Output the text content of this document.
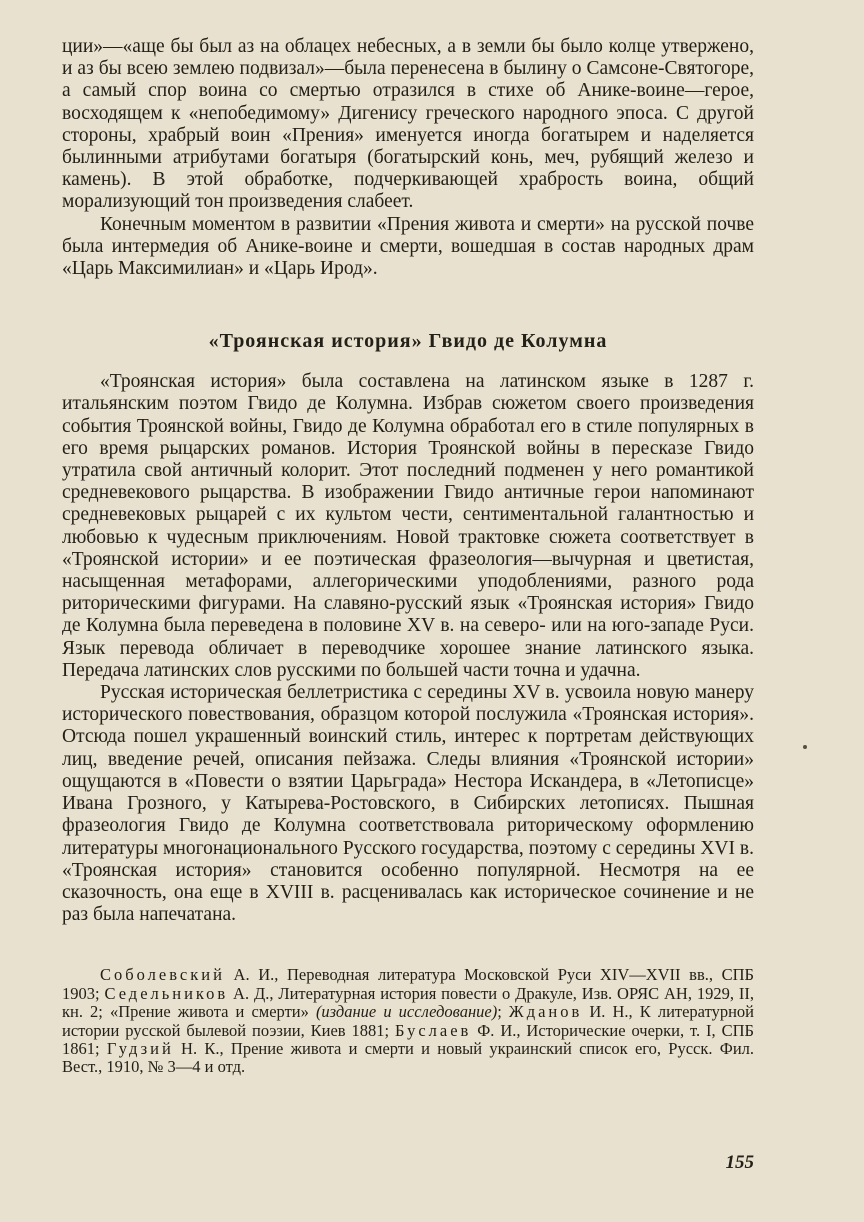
ции»—«аще бы был аз на облацех небесных, а в земли бы было колце утвержено, и аз бы всею землею подвизал»—была перенесена в былину о Самсоне-Святогоре, а самый спор воина со смертью отразился в стихе об Анике-воине—герое, восходящем к «непобедимому» Дигенису греческого народного эпоса. С другой стороны, храбрый воин «Прения» именуется иногда богатырем и наделяется былинными атрибутами богатыря (богатырский конь, меч, рубящий железо и камень). В этой обработке, подчеркивающей храбрость воина, общий морализующий тон произведения слабеет.

Конечным моментом в развитии «Прения живота и смерти» на русской почве была интермедия об Анике-воине и смерти, вошедшая в состав народных драм «Царь Максимилиан» и «Царь Ирод».

«Троянская история» Гвидо де Колумна

«Троянская история» была составлена на латинском языке в 1287 г. итальянским поэтом Гвидо де Колумна. Избрав сюжетом своего произведения события Троянской войны, Гвидо де Колумна обработал его в стиле популярных в его время рыцарских романов. История Троянской войны в пересказе Гвидо утратила свой античный колорит. Этот последний подменен у него романтикой средневекового рыцарства. В изображении Гвидо античные герои напоминают средневековых рыцарей с их культом чести, сентиментальной галантностью и любовью к чудесным приключениям. Новой трактовке сюжета соответствует в «Троянской истории» и ее поэтическая фразеология—вычурная и цветистая, насыщенная метафорами, аллегорическими уподоблениями, разного рода риторическими фигурами. На славяно-русский язык «Троянская история» Гвидо де Колумна была переведена в половине XV в. на северо- или на юго-западе Руси. Язык перевода обличает в переводчике хорошее знание латинского языка. Передача латинских слов русскими по большей части точна и удачна.

Русская историческая беллетристика с середины XV в. усвоила новую манеру исторического повествования, образцом которой послужила «Троянская история». Отсюда пошел украшенный воинский стиль, интерес к портретам действующих лиц, введение речей, описания пейзажа. Следы влияния «Троянской истории» ощущаются в «Повести о взятии Царьграда» Нестора Искандера, в «Летописце» Ивана Грозного, у Катырева-Ростовского, в Сибирских летописях. Пышная фразеология Гвидо де Колумна соответствовала риторическому оформлению литературы многонационального Русского государства, поэтому с середины XVI в. «Троянская история» становится особенно популярной. Несмотря на ее сказочность, она еще в XVIII в. расценивалась как историческое сочинение и не раз была напечатана.

Соболевский А. И., Переводная литература Московской Руси XIV—XVII вв., СПБ 1903; Седельников А. Д., Литературная история повести о Дракуле, Изв. ОРЯС АН, 1929, II, кн. 2; «Прение живота и смерти» (издание и исследование); Жданов И. Н., К литературной истории русской былевой поэзии, Киев 1881; Буслаев Ф. И., Исторические очерки, т. I, СПБ 1861; Гудзий Н. К., Прение живота и смерти и новый украинский список его, Русск. Фил. Вест., 1910, № 3—4 и отд.

155
